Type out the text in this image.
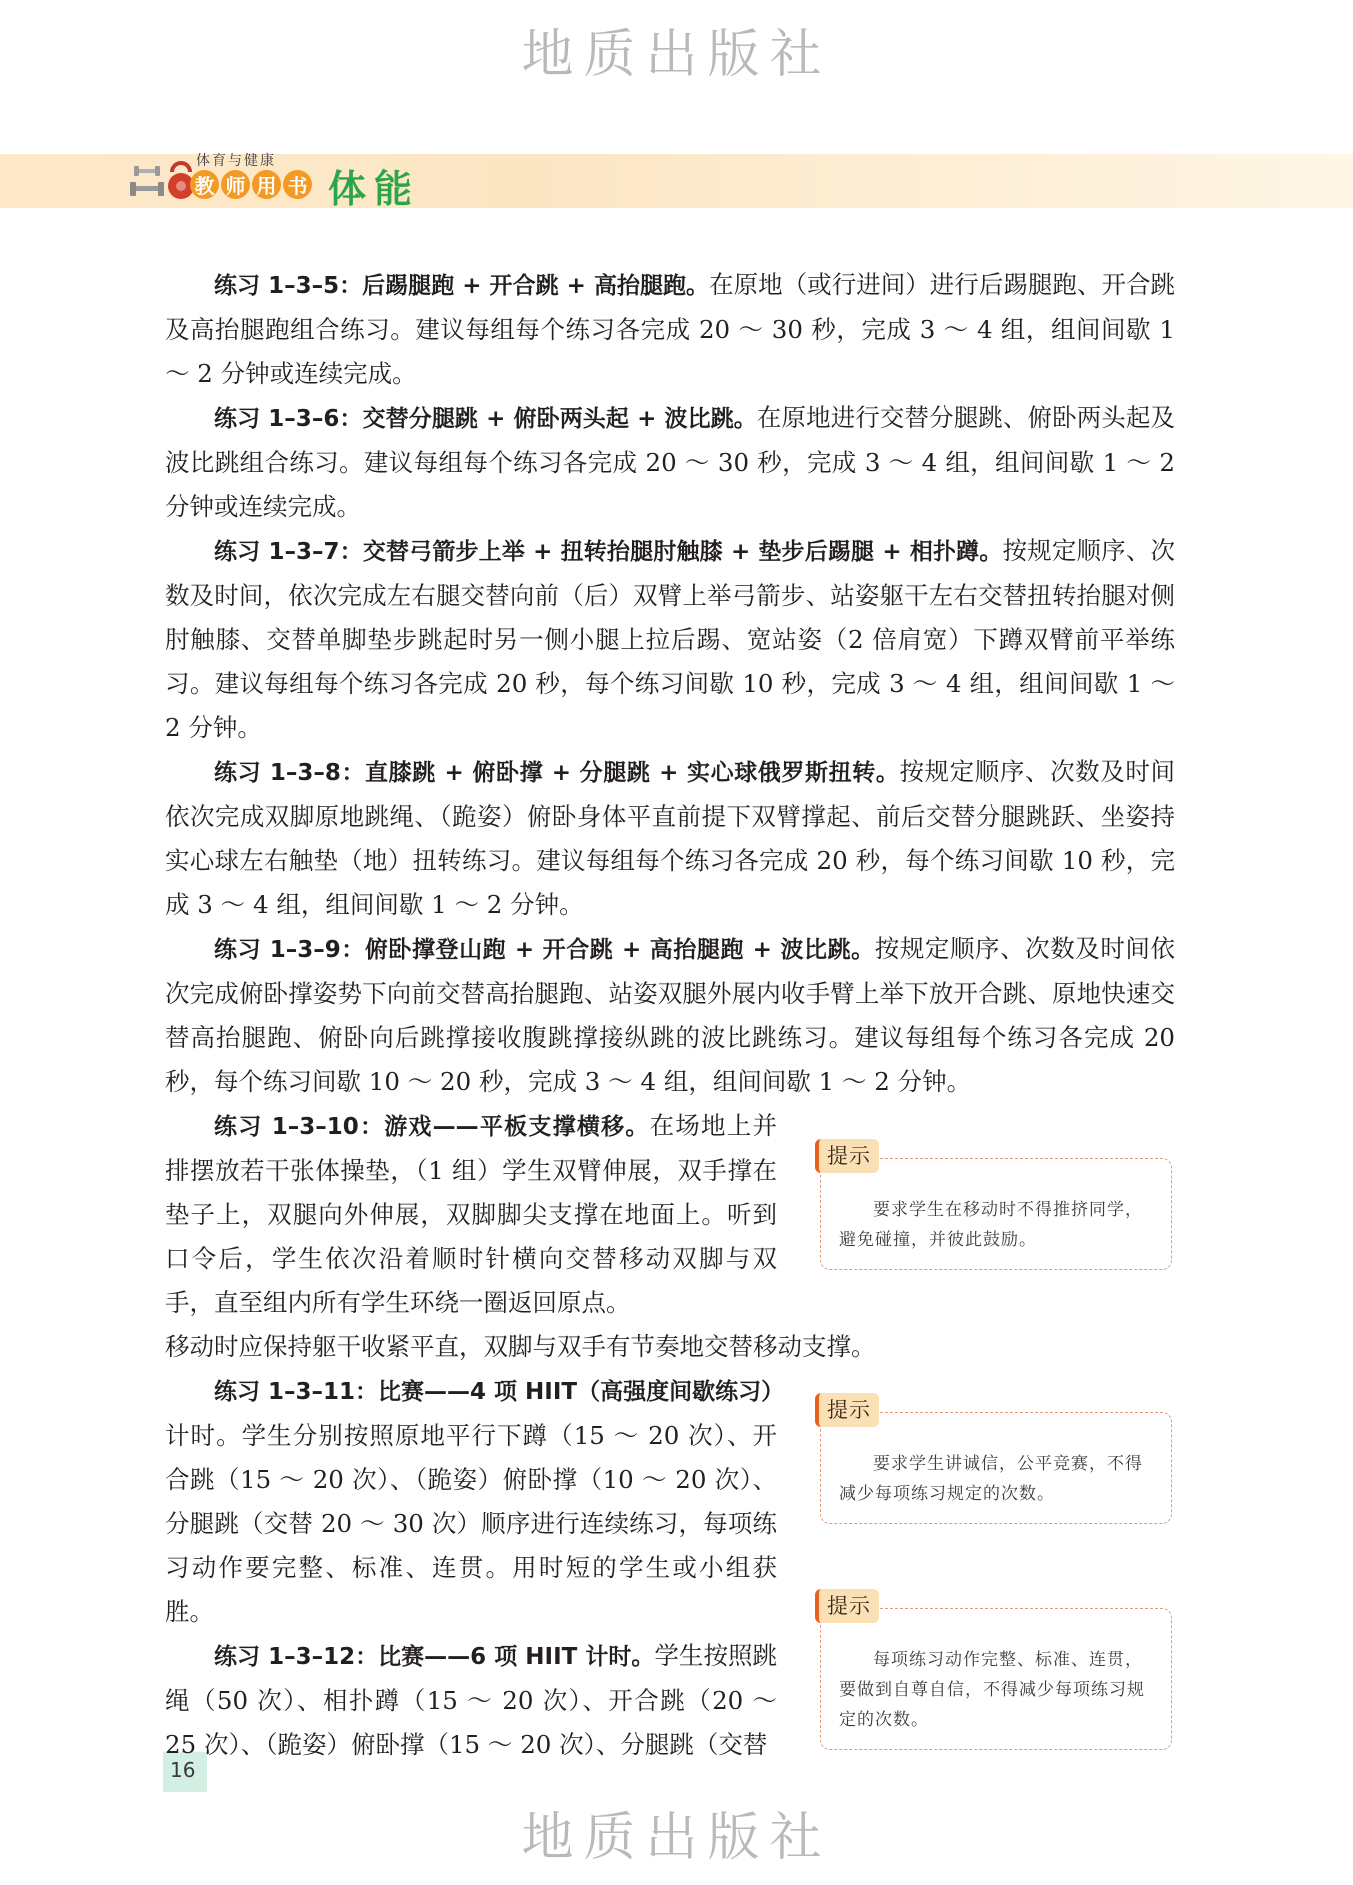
地质出版社
体育与健康
教 师 用 书 体能

练习 1–3–5：后踢腿跑 + 开合跳 + 高抬腿跑。在原地（或行进间）进行后踢腿跑、开合跳及高抬腿跑组合练习。建议每组每个练习各完成 20 ～ 30 秒，完成 3 ～ 4 组，组间间歇 1 ～ 2 分钟或连续完成。

练习 1–3–6：交替分腿跳 + 俯卧两头起 + 波比跳。在原地进行交替分腿跳、俯卧两头起及波比跳组合练习。建议每组每个练习各完成 20 ～ 30 秒，完成 3 ～ 4 组，组间间歇 1 ～ 2 分钟或连续完成。

练习 1–3–7：交替弓箭步上举 + 扭转抬腿肘触膝 + 垫步后踢腿 + 相扑蹲。按规定顺序、次数及时间，依次完成左右腿交替向前（后）双臂上举弓箭步、站姿躯干左右交替扭转抬腿对侧肘触膝、交替单脚垫步跳起时另一侧小腿上拉后踢、宽站姿（2 倍肩宽）下蹲双臂前平举练习。建议每组每个练习各完成 20 秒，每个练习间歇 10 秒，完成 3 ～ 4 组，组间间歇 1 ～ 2 分钟。

练习 1–3–8：直膝跳 + 俯卧撑 + 分腿跳 + 实心球俄罗斯扭转。按规定顺序、次数及时间依次完成双脚原地跳绳、（跪姿）俯卧身体平直前提下双臂撑起、前后交替分腿跳跃、坐姿持实心球左右触垫（地）扭转练习。建议每组每个练习各完成 20 秒，每个练习间歇 10 秒，完成 3 ～ 4 组，组间间歇 1 ～ 2 分钟。

练习 1–3–9：俯卧撑登山跑 + 开合跳 + 高抬腿跑 + 波比跳。按规定顺序、次数及时间依次完成俯卧撑姿势下向前交替高抬腿跑、站姿双腿外展内收手臂上举下放开合跳、原地快速交替高抬腿跑、俯卧向后跳撑接收腹跳撑接纵跳的波比跳练习。建议每组每个练习各完成 20 秒，每个练习间歇 10 ～ 20 秒，完成 3 ～ 4 组，组间间歇 1 ～ 2 分钟。

练习 1–3–10：游戏——平板支撑横移。在场地上并排摆放若干张体操垫，（1 组）学生双臂伸展，双手撑在垫子上，双腿向外伸展，双脚脚尖支撑在地面上。听到口令后，学生依次沿着顺时针横向交替移动双脚与双手，直至组内所有学生环绕一圈返回原点。

移动时应保持躯干收紧平直，双脚与双手有节奏地交替移动支撑。

练习 1–3–11：比赛——4 项 HIIT（高强度间歇练习）计时。学生分别按照原地平行下蹲（15 ～ 20 次）、开合跳（15 ～ 20 次）、（跪姿）俯卧撑（10 ～ 20 次）、分腿跳（交替 20 ～ 30 次）顺序进行连续练习，每项练习动作要完整、标准、连贯。用时短的学生或小组获胜。

练习 1–3–12：比赛——6 项 HIIT 计时。学生按照跳绳（50 次）、相扑蹲（15 ～ 20 次）、开合跳（20 ～ 25 次）、（跪姿）俯卧撑（15 ～ 20 次）、分腿跳（交替

提示
要求学生在移动时不得推挤同学，避免碰撞，并彼此鼓励。
提示
要求学生讲诚信，公平竞赛，不得减少每项练习规定的次数。
提示
每项练习动作完整、标准、连贯，要做到自尊自信，不得减少每项练习规定的次数。
16
地质出版社
